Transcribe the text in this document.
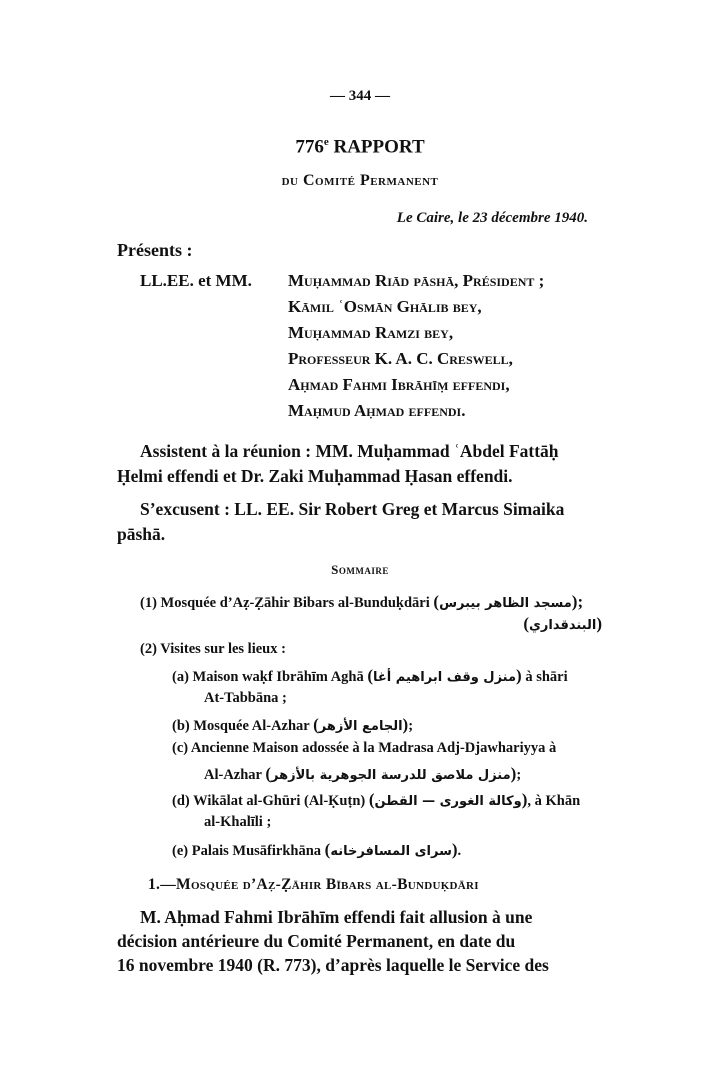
— 344 —
776e RAPPORT
du Comité Permanent
Le Caire, le 23 décembre 1940.
Présents :
LL.EE. et MM. Muḥammad Riād pāshā, Président ;
Kāmil ʿOsmān Ghālib bey,
Muḥammad Ramzi bey,
Professeur K. A. C. Creswell,
Aḥmad Fahmi Ibrāhīṃ effendi,
Maḥmud Aḥmad effendi.
Assistent à la réunion : MM. Muḥammad ʿAbdel Fattāḥ
Ḥelmi effendi et Dr. Zaki Muḥammad Ḥasan effendi.
S’excusent : LL. EE. Sir Robert Greg et Marcus Simaika
pāshā.
Sommaire
(1) Mosquée d’Aẓ-Ẓāhir Bibars al-Bunduḳdāri (مسجد الظاهر بيبرس);
(البندقداري)
(2) Visites sur les lieux :
(a) Maison waḳf Ibrāhīm Aghā (منزل وقف ابراهيم أغا) à shāri
At-Tabbāna ;
(b) Mosquée Al-Azhar (الجامع الأزهر);
(c) Ancienne Maison adossée à la Madrasa Adj-Djawhariyya à
Al-Azhar (منزل ملاصق للدرسة الجوهرية بالأزهر);
(d) Wikālat al-Ghūri (Al-Ḳuṭn) (وكالة الغورى — القطن), à Khān
al-Khalīli ;
(e) Palais Musāfirkhāna (سراى المسافرخانه).
1.—Mosquée d’Aẓ-Ẓāhir Bībars al-Bunduḳdāri
M. Aḥmad Fahmi Ibrāhīm effendi fait allusion à une
décision antérieure du Comité Permanent, en date du
16 novembre 1940 (R. 773), d’après laquelle le Service des
